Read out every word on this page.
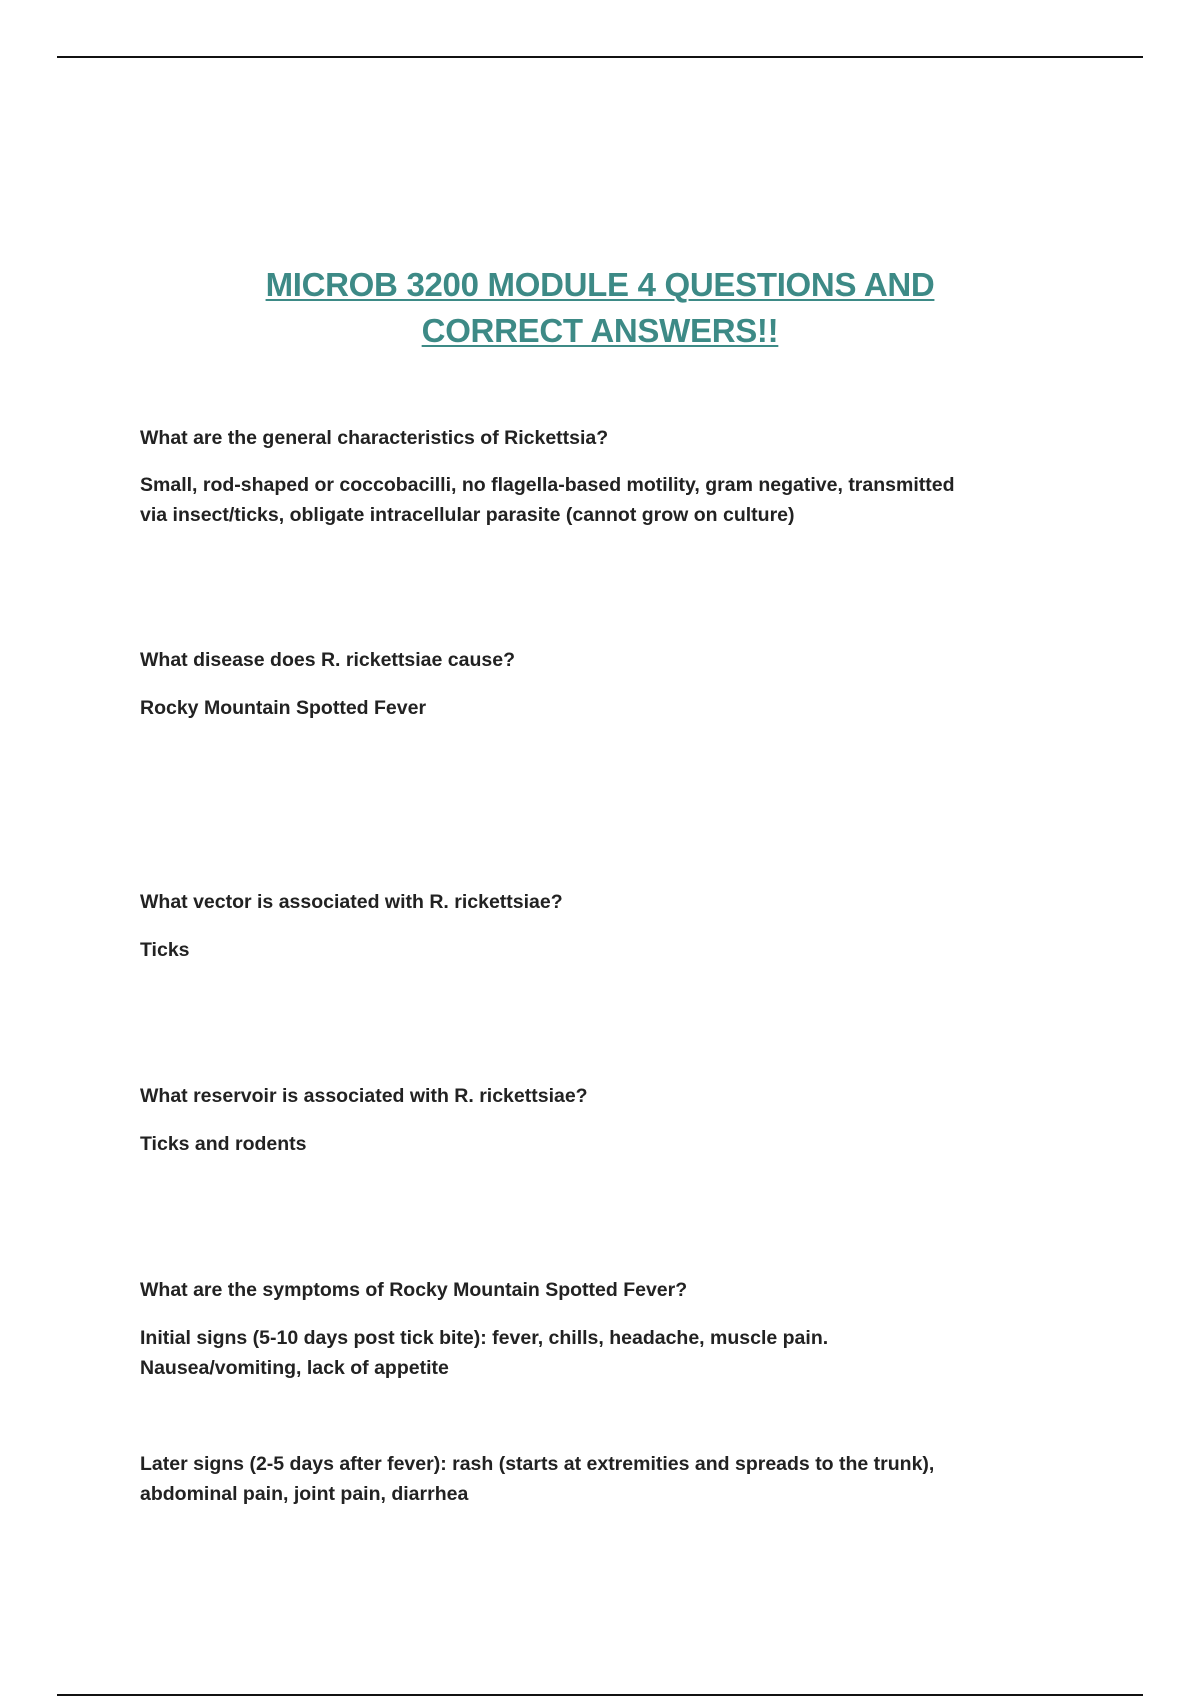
MICROB 3200 MODULE 4 QUESTIONS AND
CORRECT ANSWERS!!

What are the general characteristics of Rickettsia?

Small, rod-shaped or coccobacilli, no flagella-based motility, gram negative, transmitted

via insect/ticks, obligate intracellular parasite (cannot grow on culture)

What disease does R. rickettsiae cause?

Rocky Mountain Spotted Fever

What vector is associated with R. rickettsiae?

Ticks

What reservoir is associated with R. rickettsiae?

Ticks and rodents

What are the symptoms of Rocky Mountain Spotted Fever?

Initial signs (5-10 days post tick bite): fever, chills, headache, muscle pain.

Nausea/vomiting, lack of appetite

Later signs (2-5 days after fever): rash (starts at extremities and spreads to the trunk),

abdominal pain, joint pain, diarrhea
